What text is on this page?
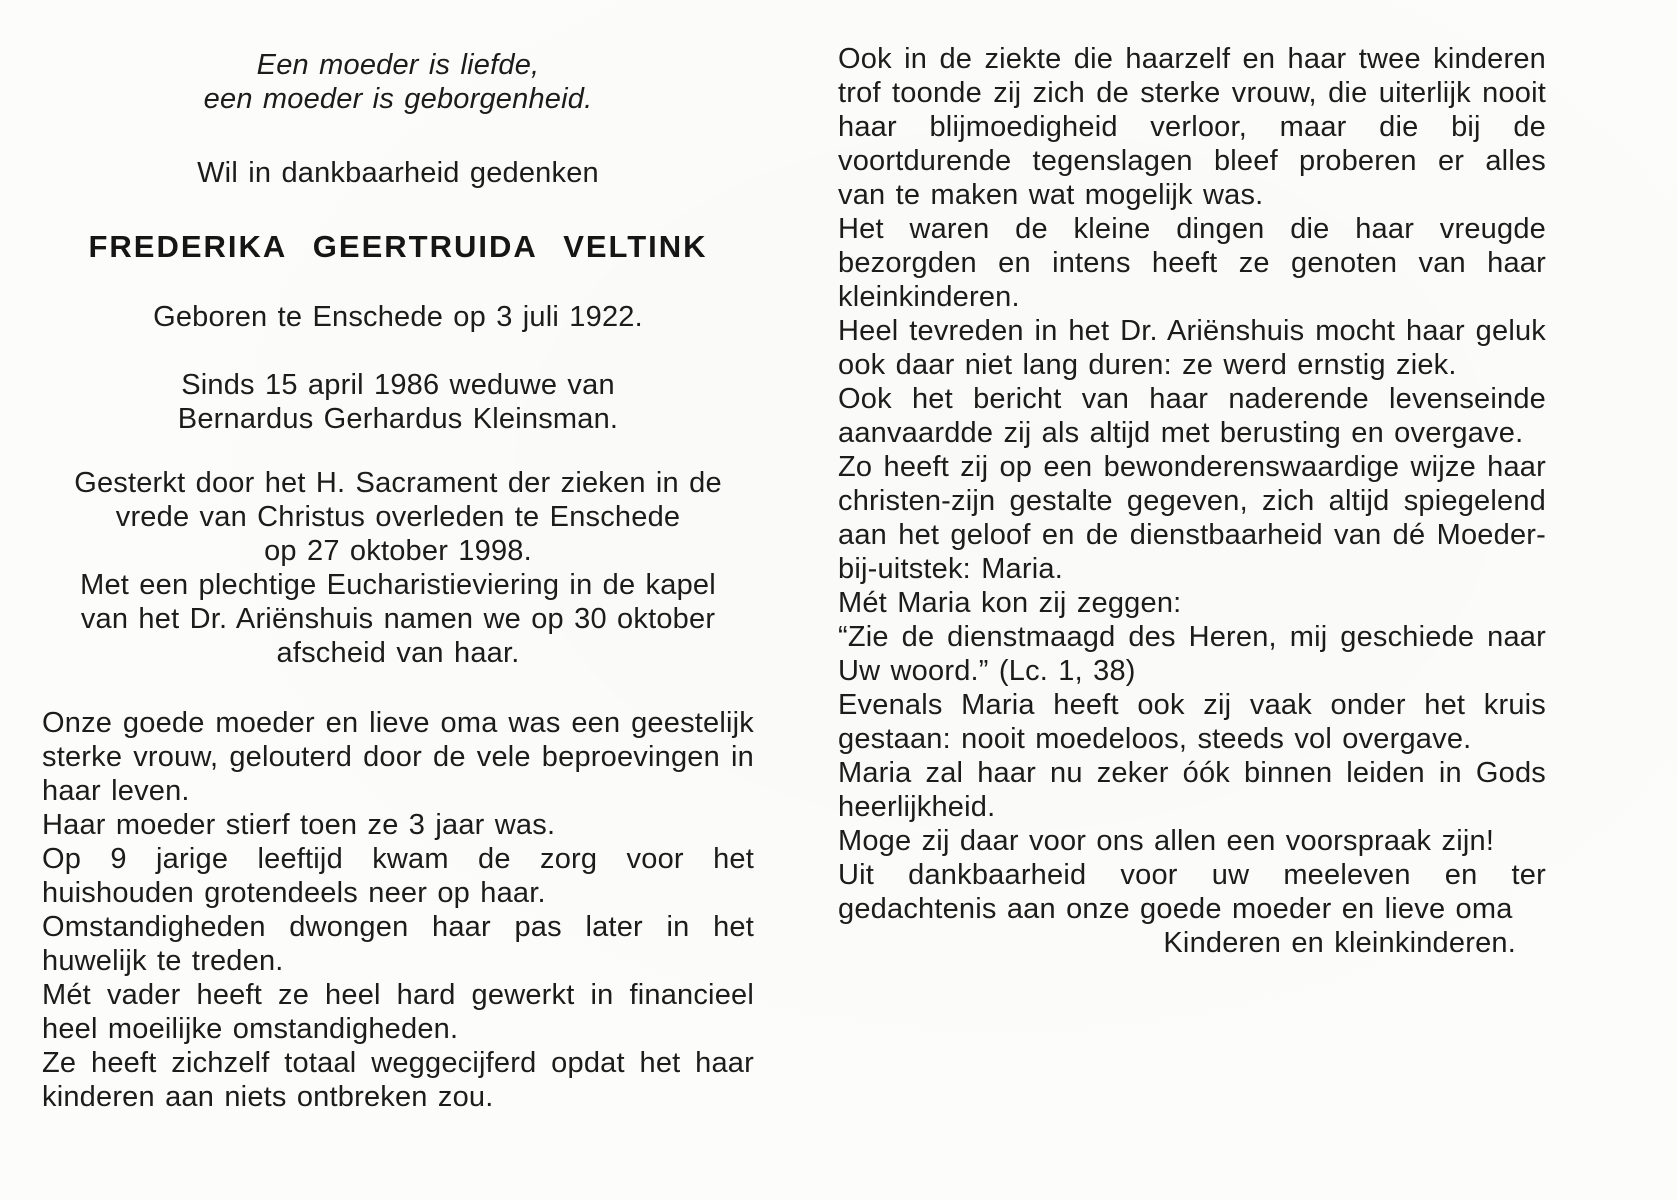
Een moeder is liefde,
een moeder is geborgenheid.
Wil in dankbaarheid gedenken
FREDERIKA GEERTRUIDA VELTINK
Geboren te Enschede op 3 juli 1922.
Sinds 15 april 1986 weduwe van
Bernardus Gerhardus Kleinsman.
Gesterkt door het H. Sacrament der zieken in de
vrede van Christus overleden te Enschede
op 27 oktober 1998.
Met een plechtige Eucharistieviering in de kapel
van het Dr. Ariënshuis namen we op 30 oktober
afscheid van haar.

Onze goede moeder en lieve oma was een geestelijk sterke vrouw, gelouterd door de vele beproevingen in haar leven.

Haar moeder stierf toen ze 3 jaar was.

Op 9 jarige leeftijd kwam de zorg voor het huishouden grotendeels neer op haar.

Omstandigheden dwongen haar pas later in het huwelijk te treden.

Mét vader heeft ze heel hard gewerkt in financieel heel moeilijke omstandigheden.

Ze heeft zichzelf totaal weggecijferd opdat het haar kinderen aan niets ontbreken zou.

Ook in de ziekte die haarzelf en haar twee kinderen trof toonde zij zich de sterke vrouw, die uiterlijk nooit haar blijmoedigheid verloor, maar die bij de voortdurende tegenslagen bleef proberen er alles van te maken wat mogelijk was.

Het waren de kleine dingen die haar vreugde bezorgden en intens heeft ze genoten van haar kleinkinderen.

Heel tevreden in het Dr. Ariënshuis mocht haar geluk ook daar niet lang duren: ze werd ernstig ziek.

Ook het bericht van haar naderende levenseinde aanvaardde zij als altijd met berusting en overgave.

Zo heeft zij op een bewonderenswaardige wijze haar christen-zijn gestalte gegeven, zich altijd spiegelend aan het geloof en de dienstbaarheid van dé Moeder-bij-uitstek: Maria.

Mét Maria kon zij zeggen:

“Zie de dienstmaagd des Heren, mij geschiede naar Uw woord.” (Lc. 1, 38)

Evenals Maria heeft ook zij vaak onder het kruis gestaan: nooit moedeloos, steeds vol overgave.

Maria zal haar nu zeker óók binnen leiden in Gods heerlijkheid.

Moge zij daar voor ons allen een voorspraak zijn!

Uit dankbaarheid voor uw meeleven en ter gedachtenis aan onze goede moeder en lieve oma

Kinderen en kleinkinderen.
